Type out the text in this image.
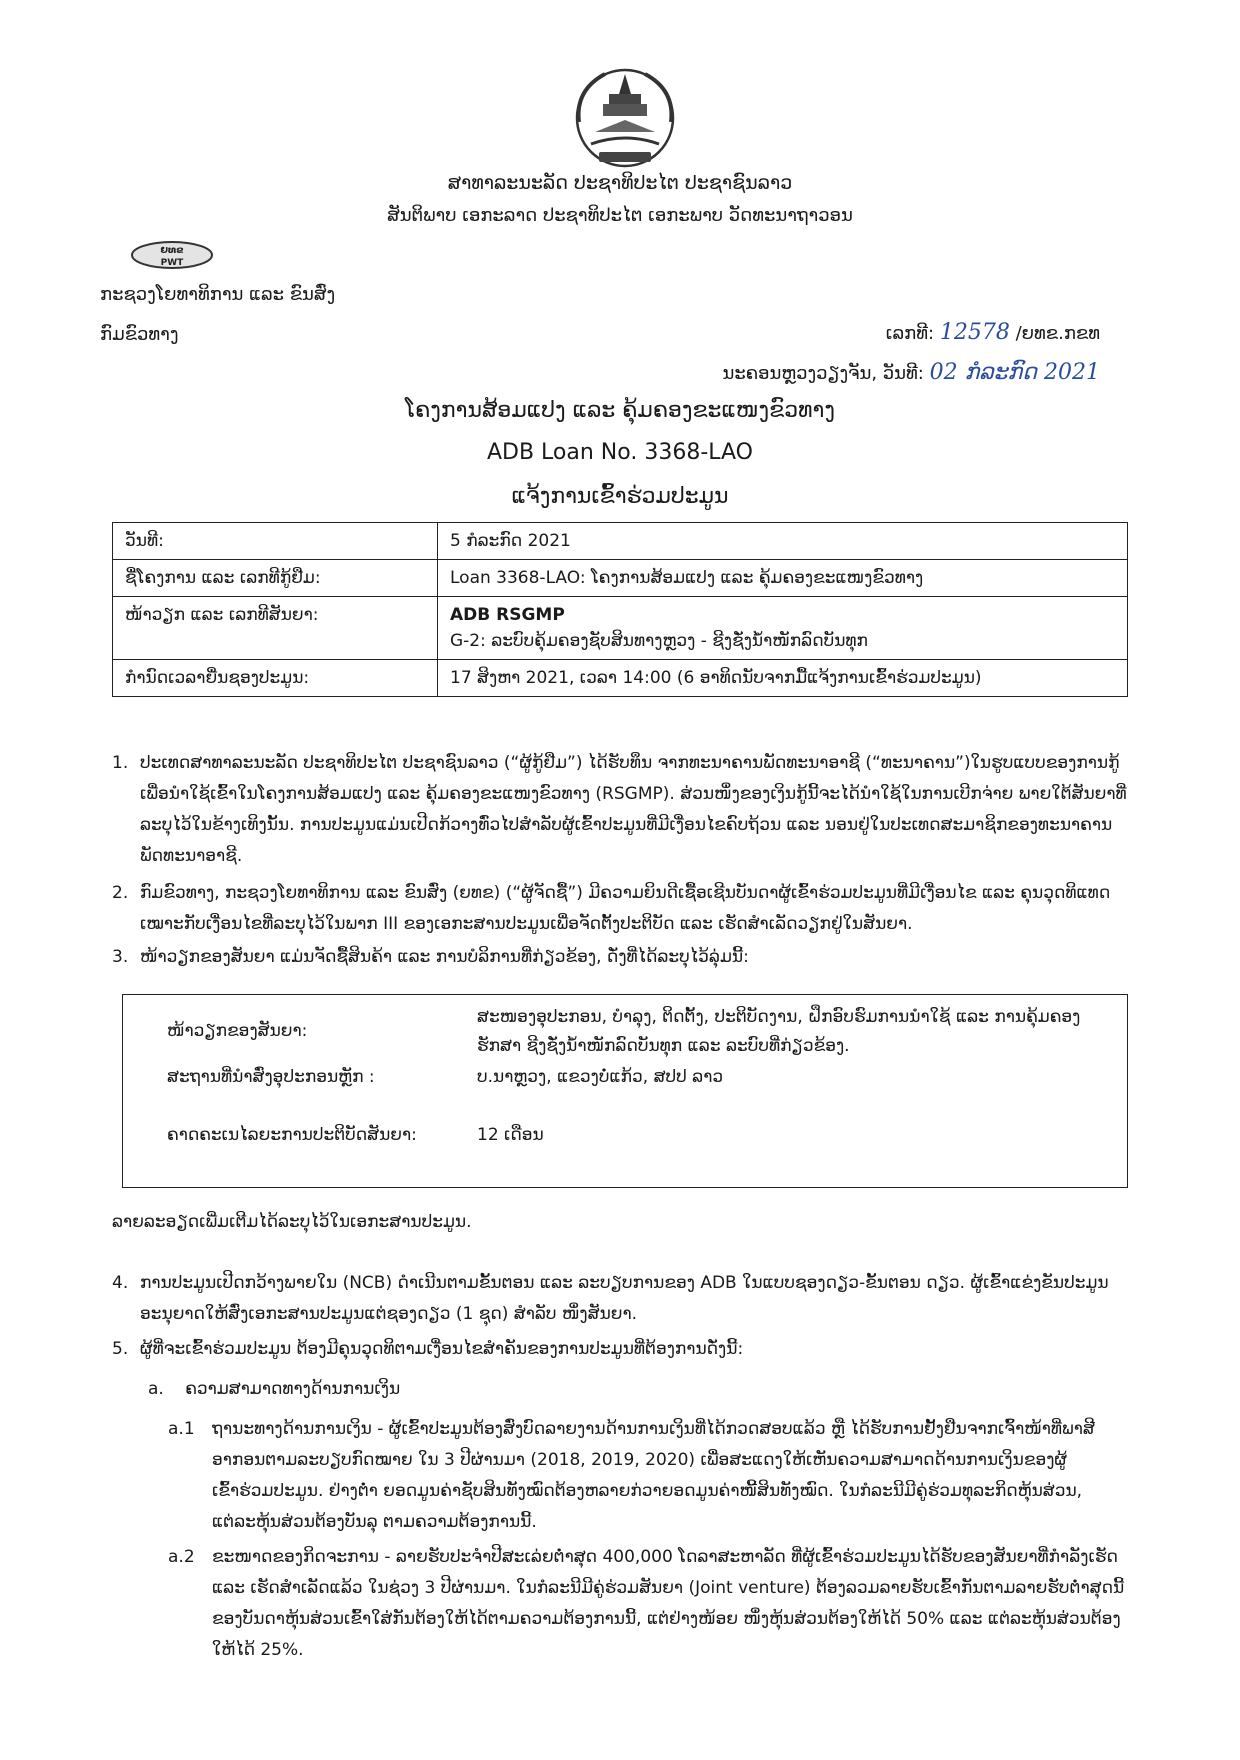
ສາທາລະນະລັດ ປະຊາທິປະໄຕ ປະຊາຊົນລາວ
ສັນຕິພາບ ເອກະລາດ ປະຊາທິປະໄຕ ເອກະພາບ ວັດທະນາຖາວອນ
ຍທຂ
PWT
ກະຊວງໂຍທາທິການ ແລະ ຂົນສົ່ງ
ກົມຂົວທາງ	ເລກທີ: 12578 /ຍທຂ.ກຂທ
ນະຄອນຫຼວງວຽງຈັນ, ວັນທີ: 02 ກໍລະກົດ 2021
ໂຄງການສ້ອມແປງ ແລະ ຄຸ້ມຄອງຂະແໜງຂົວທາງ
ADB Loan No. 3368-LAO
ແຈ້ງການເຂົ້າຮ່ວມປະມູນ
ວັນທີ:	5 ກໍລະກົດ 2021
ຊື່ໂຄງການ ແລະ ເລກທີກູ້ຢືມ:	Loan 3368-LAO: ໂຄງການສ້ອມແປງ ແລະ ຄຸ້ມຄອງຂະແໜງຂົວທາງ
ໜ້າວຽກ ແລະ ເລກທີສັນຍາ:	ADB RSGMP
G-2: ລະບົບຄຸ້ມຄອງຊັບສິນທາງຫຼວງ - ຊີງຊັ່ງນ້ຳໜັກລົດບັນທຸກ

ກຳນົດເວລາຍື່ນຊອງປະມູນ:	17 ສິງຫາ 2021, ເວລາ 14:00 (6 ອາທິດນັບຈາກມື້ແຈ້ງການເຂົ້າຮ່ວມປະມູນ)
1. ປະເທດສາທາລະນະລັດ ປະຊາທິປະໄຕ ປະຊາຊົນລາວ (“ຜູ້ກູ້ຢືມ”) ໄດ້ຮັບທຶນ ຈາກທະນາຄານພັດທະນາອາຊີ (“ທະນາຄານ”)ໃນຮູບແບບຂອງການກູ້ ເພື່ອນຳໃຊ້ເຂົ້າໃນໂຄງການສ້ອມແປງ ແລະ ຄຸ້ມຄອງຂະແໜງຂົວທາງ (RSGMP). ສ່ວນໜຶ່ງຂອງເງິນກູ້ນີ້ຈະໄດ້ນຳໃຊ້ໃນການເບີກຈ່າຍ ພາຍໃຕ້ສັນຍາທີ່ລະບຸໄວ້ໃນຂ້າງເທິງນັ້ນ. ການປະມູນແມ່ນເປີດກ້ວາງທົ່ວໄປສຳລັບຜູ້ເຂົ້າປະມູນທີ່ມີເງື່ອນໄຂຄົບຖ້ວນ ແລະ ນອນຢູ່ໃນປະເທດສະມາຊິກຂອງທະນາຄານພັດທະນາອາຊີ.
2. ກົມຂົວທາງ, ກະຊວງໂຍທາທິການ ແລະ ຂົນສົ່ງ (ຍທຂ) (“ຜູ້ຈັດຊື້”) ມີຄວາມຍິນດີເຊື້ອເຊີນບັນດາຜູ້ເຂົ້າຮ່ວມປະມູນທີ່ມີເງື່ອນໄຂ ແລະ ຄຸນວຸດທິແທດເໝາະກັບເງື່ອນໄຂທີ່ລະບຸໄວ້ໃນພາກ III ຂອງເອກະສານປະມູນເພື່ອຈັດຕັ້ງປະຕິບັດ ແລະ ເຮັດສຳເລັດວຽກຢູ່ໃນສັນຍາ.
3. ໜ້າວຽກຂອງສັນຍາ ແມ່ນຈັດຊື້ສິນຄ້າ ແລະ ການບໍລິການທີ່ກ່ຽວຂ້ອງ, ດັ່ງທີ່ໄດ້ລະບຸໄວ້ລຸ່ມນີ້:
ໜ້າວຽກຂອງສັນຍາ:
ສະໜອງອຸປະກອນ, ບໍາລຸງ, ຕິດຕັ້ງ, ປະຕິບັດງານ, ຝຶກອົບຮົມການນຳໃຊ້ ແລະ ການຄຸ້ມຄອງຮັກສາ ຊີງຊັ່ງນ້ຳໜັກລົດບັນທຸກ ແລະ ລະບົບທີ່ກ່ຽວຂ້ອງ.
ສະຖານທີ່ນຳສົ່ງອຸປະກອນຫຼັກ :	ບ.ນາຫຼວງ, ແຂວງບໍ່ແກ້ວ, ສປປ ລາວ
ຄາດຄະເນໄລຍະການປະຕິບັດສັນຍາ:	12 ເດືອນ
ລາຍລະອຽດເພີ່ມເຕີມໄດ້ລະບຸໄວ້ໃນເອກະສານປະມູນ.
4. ການປະມູນເປີດກວ້າງພາຍໃນ (NCB) ດຳເນີນຕາມຂັ້ນຕອນ ແລະ ລະບຽບການຂອງ ADB ໃນແບບຊອງດຽວ-ຂັ້ນຕອນ ດຽວ. ຜູ້ເຂົ້າແຂ່ງຂັນປະມູນອະນຸຍາດໃຫ້ສົ່ງເອກະສານປະມູນແຕ່ຊອງດຽວ (1 ຊຸດ) ສຳລັບ ໜຶ່ງສັນຍາ.
5. ຜູ້ທີ່ຈະເຂົ້າຮ່ວມປະມູນ ຕ້ອງມີຄຸນວຸດທິຕາມເງື່ອນໄຂສຳຄັນຂອງການປະມູນທີ່ຕ້ອງການດັ່ງນີ້:
a. ຄວາມສາມາດທາງດ້ານການເງິນ
a.1 ຖານະທາງດ້ານການເງິນ - ຜູ້ເຂົ້າປະມູນຕ້ອງສົ່ງບົດລາຍງານດ້ານການເງິນທີ່ໄດ້ກວດສອບແລ້ວ ຫຼື ໄດ້ຮັບການຢັ້ງຢືນຈາກເຈົ້າໜ້າທີ່ພາສີອາກອນຕາມລະບຽບກົດໝາຍ ໃນ 3 ປີຜ່ານມາ (2018, 2019, 2020) ເພື່ອສະແດງໃຫ້ເຫັນຄວາມສາມາດດ້ານການເງິນຂອງຜູ້ເຂົ້າຮ່ວມປະມູນ. ຢ່າງຕໍ່າ ຍອດມູນຄ່າຊັບສິນທັງໝົດຕ້ອງຫລາຍກ່ວາຍອດມູນຄ່າໜີ້ສິນທັງໝົດ. ໃນກໍລະນີມີຄູ່ຮ່ວມທຸລະກິດຫຸ້ນສ່ວນ, ແຕ່ລະຫຸ້ນສ່ວນຕ້ອງບັນລຸ ຕາມຄວາມຕ້ອງການນີ້.
a.2 ຂະໜາດຂອງກິດຈະການ - ລາຍຮັບປະຈຳປີສະເລ່ຍຕໍ່າສຸດ 400,000 ໂດລາສະຫາລັດ ທີ່ຜູ້ເຂົ້າຮ່ວມປະມູນໄດ້ຮັບຂອງສັນຍາທີ່ກຳລັງເຮັດ ແລະ ເຮັດສຳເລັດແລ້ວ ໃນຊ່ວງ 3 ປີຜ່ານມາ. ໃນກໍລະນີມີຄູ່ຮ່ວມສັນຍາ (Joint venture) ຕ້ອງລວມລາຍຮັບເຂົ້າກັນຕາມລາຍຮັບຕໍ່າສຸດນີ້ຂອງບັນດາຫຸ້ນສ່ວນເຂົ້າໃສ່ກັນຕ້ອງໃຫ້ໄດ້ຕາມຄວາມຕ້ອງການນີ້, ແຕ່ຢ່າງໜ້ອຍ ໜຶ່ງຫຸ້ນສ່ວນຕ້ອງໃຫ້ໄດ້ 50% ແລະ ແຕ່ລະຫຸ້ນສ່ວນຕ້ອງໃຫ້ໄດ້ 25%.
